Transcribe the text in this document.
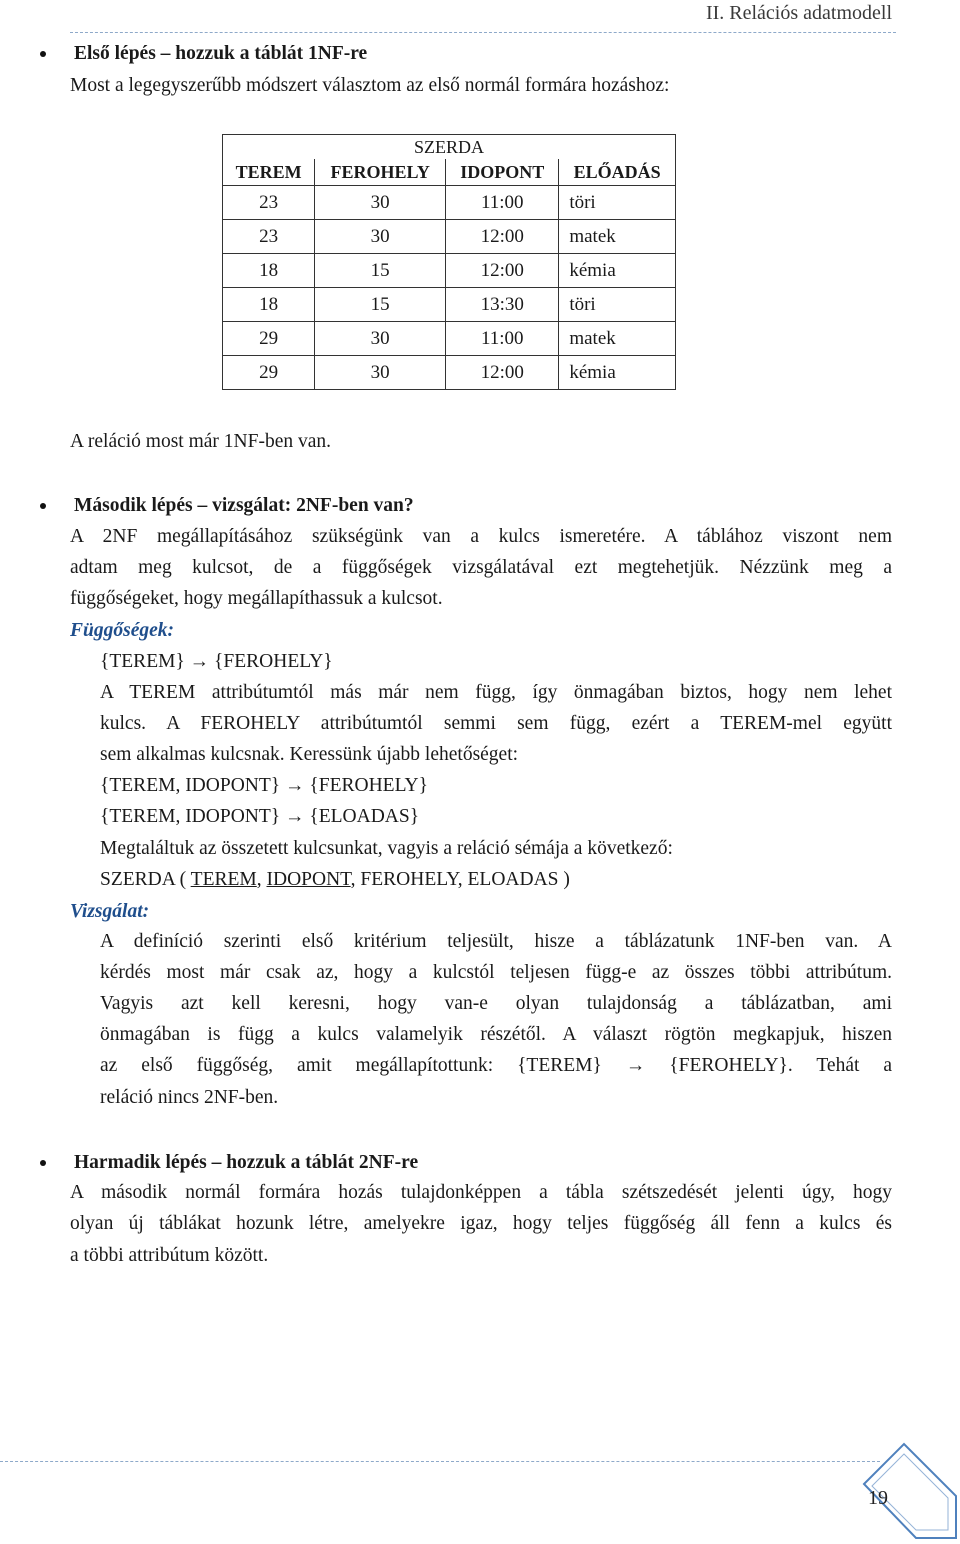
II. Relációs adatmodell
Első lépés – hozzuk a táblát 1NF-re
Most a legegyszerűbb módszert választom az első normál formára hozáshoz:
SZERDA			
TEREM	FEROHELY	IDOPONT	ELŐADÁS
23	30	11:00	töri
23	30	12:00	matek
18	15	12:00	kémia
18	15	13:30	töri
29	30	11:00	matek
29	30	12:00	kémia
A reláció most már 1NF-ben van.
Második lépés – vizsgálat: 2NF-ben van?
A 2NF megállapításához szükségünk van a kulcs ismeretére. A táblához viszont nem
adtam meg kulcsot, de a függőségek vizsgálatával ezt megtehetjük. Nézzünk meg a
függőségeket, hogy megállapíthassuk a kulcsot.
Függőségek:
{TEREM} → {FEROHELY}
A TEREM attribútumtól más már nem függ, így önmagában biztos, hogy nem lehet
kulcs. A FEROHELY attribútumtól semmi sem függ, ezért a TEREM-mel együtt
sem alkalmas kulcsnak. Keressünk újabb lehetőséget:
{TEREM, IDOPONT} → {FEROHELY}
{TEREM, IDOPONT} → {ELOADAS}
Megtaláltuk az összetett kulcsunkat, vagyis a reláció sémája a következő:
SZERDA ( TEREM, IDOPONT, FEROHELY, ELOADAS )
Vizsgálat:
A definíció szerinti első kritérium teljesült, hisze a táblázatunk 1NF-ben van. A
kérdés most már csak az, hogy a kulcstól teljesen függ-e az összes többi attribútum.
Vagyis azt kell keresni, hogy van-e olyan tulajdonság a táblázatban, ami
önmagában is függ a kulcs valamelyik részétől. A választ rögtön megkapjuk, hiszen
az első függőség, amit megállapítottunk: {TEREM} → {FEROHELY}. Tehát a
reláció nincs 2NF-ben.
Harmadik lépés – hozzuk a táblát 2NF-re
A második normál formára hozás tulajdonképpen a tábla szétszedését jelenti úgy, hogy
olyan új táblákat hozunk létre, amelyekre igaz, hogy teljes függőség áll fenn a kulcs és
a többi attribútum között.
19
